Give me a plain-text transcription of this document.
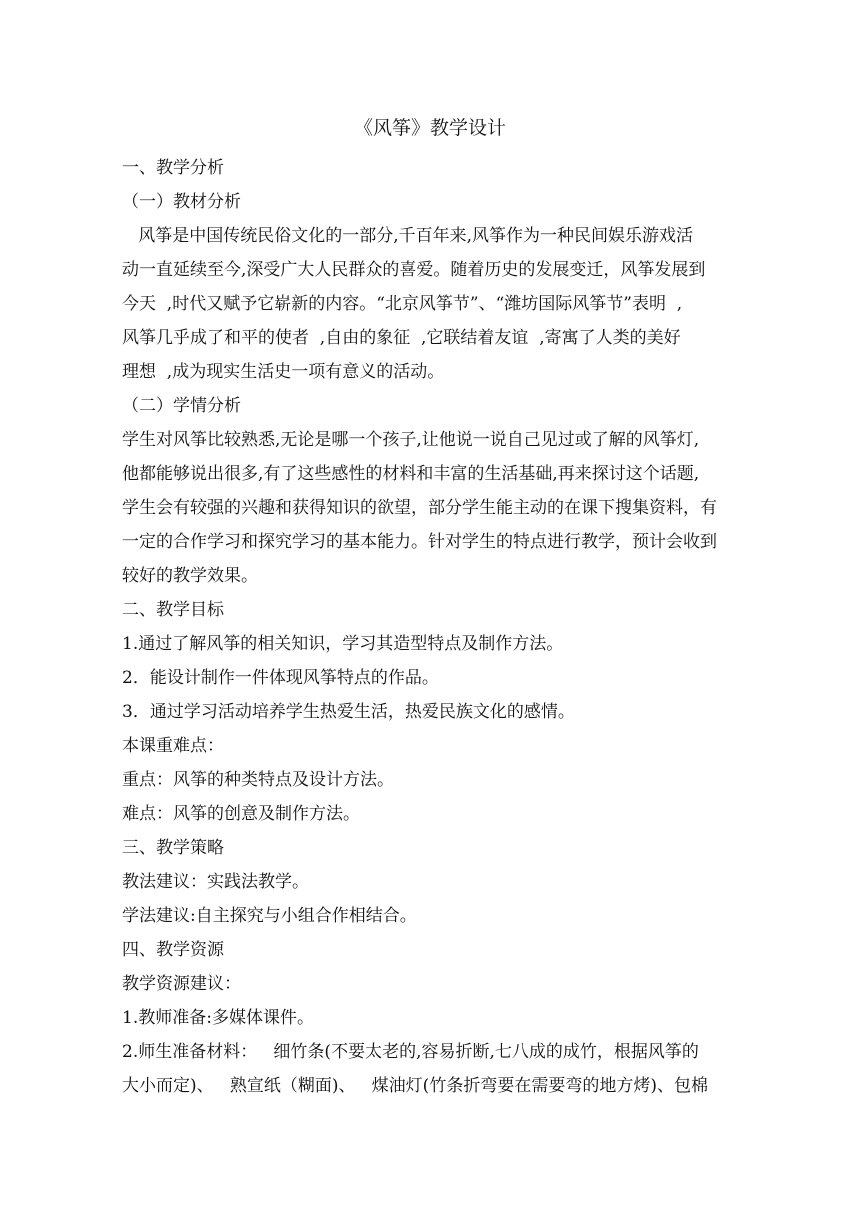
《风筝》教学设计

一、教学分析

（一）教材分析

风筝是中国传统民俗文化的一部分,千百年来,风筝作为一种民间娱乐游戏活

动一直延续至今,深受广大人民群众的喜爱。随着历史的发展变迁，风筝发展到

今天  ,时代又赋予它崭新的内容。“北京风筝节”、“潍坊国际风筝节”表明  ,

风筝几乎成了和平的使者  ,自由的象征  ,它联结着友谊  ,寄寓了人类的美好

理想  ,成为现实生活史一项有意义的活动。

（二）学情分析

学生对风筝比较熟悉,无论是哪一个孩子,让他说一说自己见过或了解的风筝灯,

他都能够说出很多,有了这些感性的材料和丰富的生活基础,再来探讨这个话题,

学生会有较强的兴趣和获得知识的欲望，部分学生能主动的在课下搜集资料，有

一定的合作学习和探究学习的基本能力。针对学生的特点进行教学，预计会收到

较好的教学效果。

二、教学目标

1.通过了解风筝的相关知识，学习其造型特点及制作方法。

2．能设计制作一件体现风筝特点的作品。

3．通过学习活动培养学生热爱生活，热爱民族文化的感情。

本课重难点：

重点：风筝的种类特点及设计方法。

难点：风筝的创意及制作方法。

三、教学策略

教法建议：实践法教学。

学法建议:自主探究与小组合作相结合。

四、教学资源

教学资源建议：

1.教师准备:多媒体课件。

2.师生准备材料：   细竹条(不要太老的,容易折断,七八成的成竹，根据风筝的

大小而定)、   熟宣纸（糊面)、   煤油灯(竹条折弯要在需要弯的地方烤)、包棉
